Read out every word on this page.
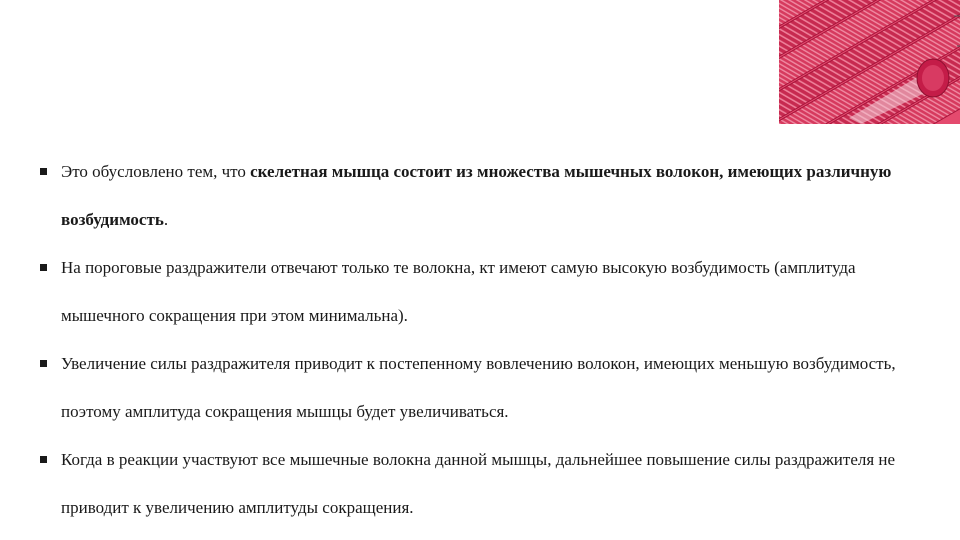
Это обусловлено тем, что скелетная мышца состоит из множества мышечных волокон, имеющих различную возбудимость.
На пороговые раздражители отвечают только те волокна, кт имеют самую высокую возбудимость (амплитуда мышечного сокращения при этом минимальна).
Увеличение силы раздражителя приводит к постепенному вовлечению волокон, имеющих меньшую возбудимость, поэтому амплитуда сокращения мышцы будет увеличиваться.
Когда в реакции участвуют все мышечные волокна данной мышцы, дальнейшее повышение силы раздражителя не приводит к увеличению амплитуды сокращения.
